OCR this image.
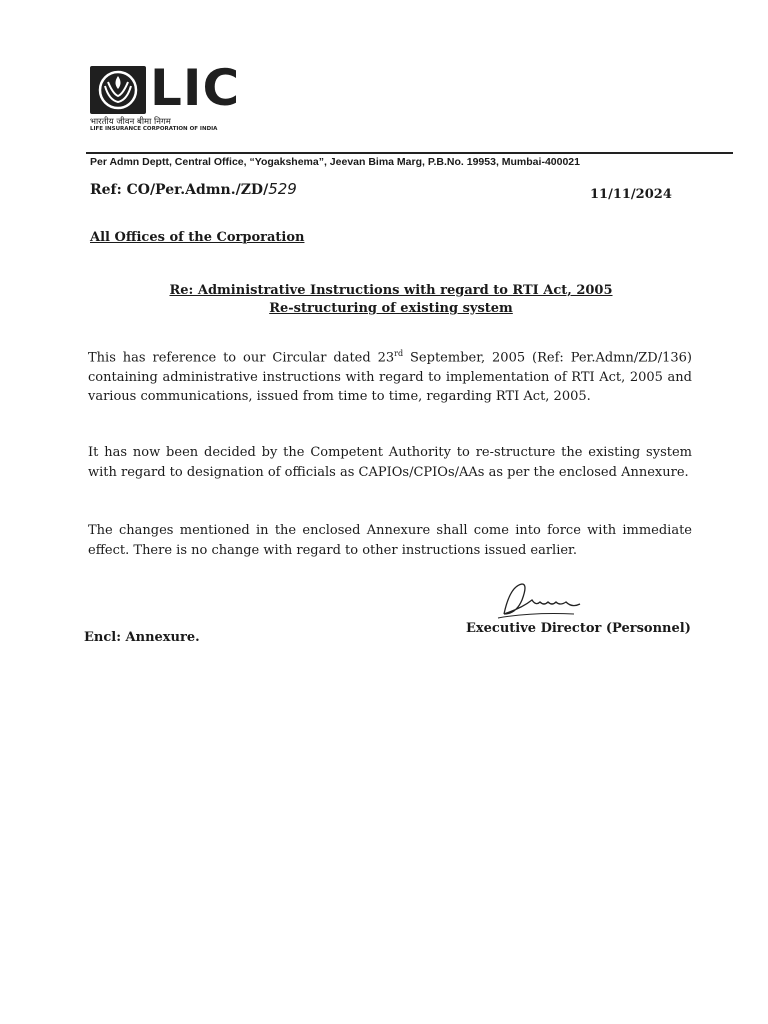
LIC
भारतीय जीवन बीमा निगम
LIFE INSURANCE CORPORATION OF INDIA
Per Admn Deptt, Central Office, “Yogakshema”, Jeevan Bima Marg, P.B.No. 19953, Mumbai-400021
Ref: CO/Per.Admn./ZD/529	11/11/2024
All Offices of the Corporation
Re: Administrative Instructions with regard to RTI Act, 2005
Re-structuring of existing system
This has reference to our Circular dated 23rd September, 2005 (Ref: Per.Admn/ZD/136) containing administrative instructions with regard to implementation of RTI Act, 2005 and various communications, issued from time to time, regarding RTI Act, 2005.
It has now been decided by the Competent Authority to re-structure the existing system with regard to designation of officials as CAPIOs/CPIOs/AAs as per the enclosed Annexure.
The changes mentioned in the enclosed Annexure shall come into force with immediate effect. There is no change with regard to other instructions issued earlier.
Encl: Annexure.
Executive Director (Personnel)
